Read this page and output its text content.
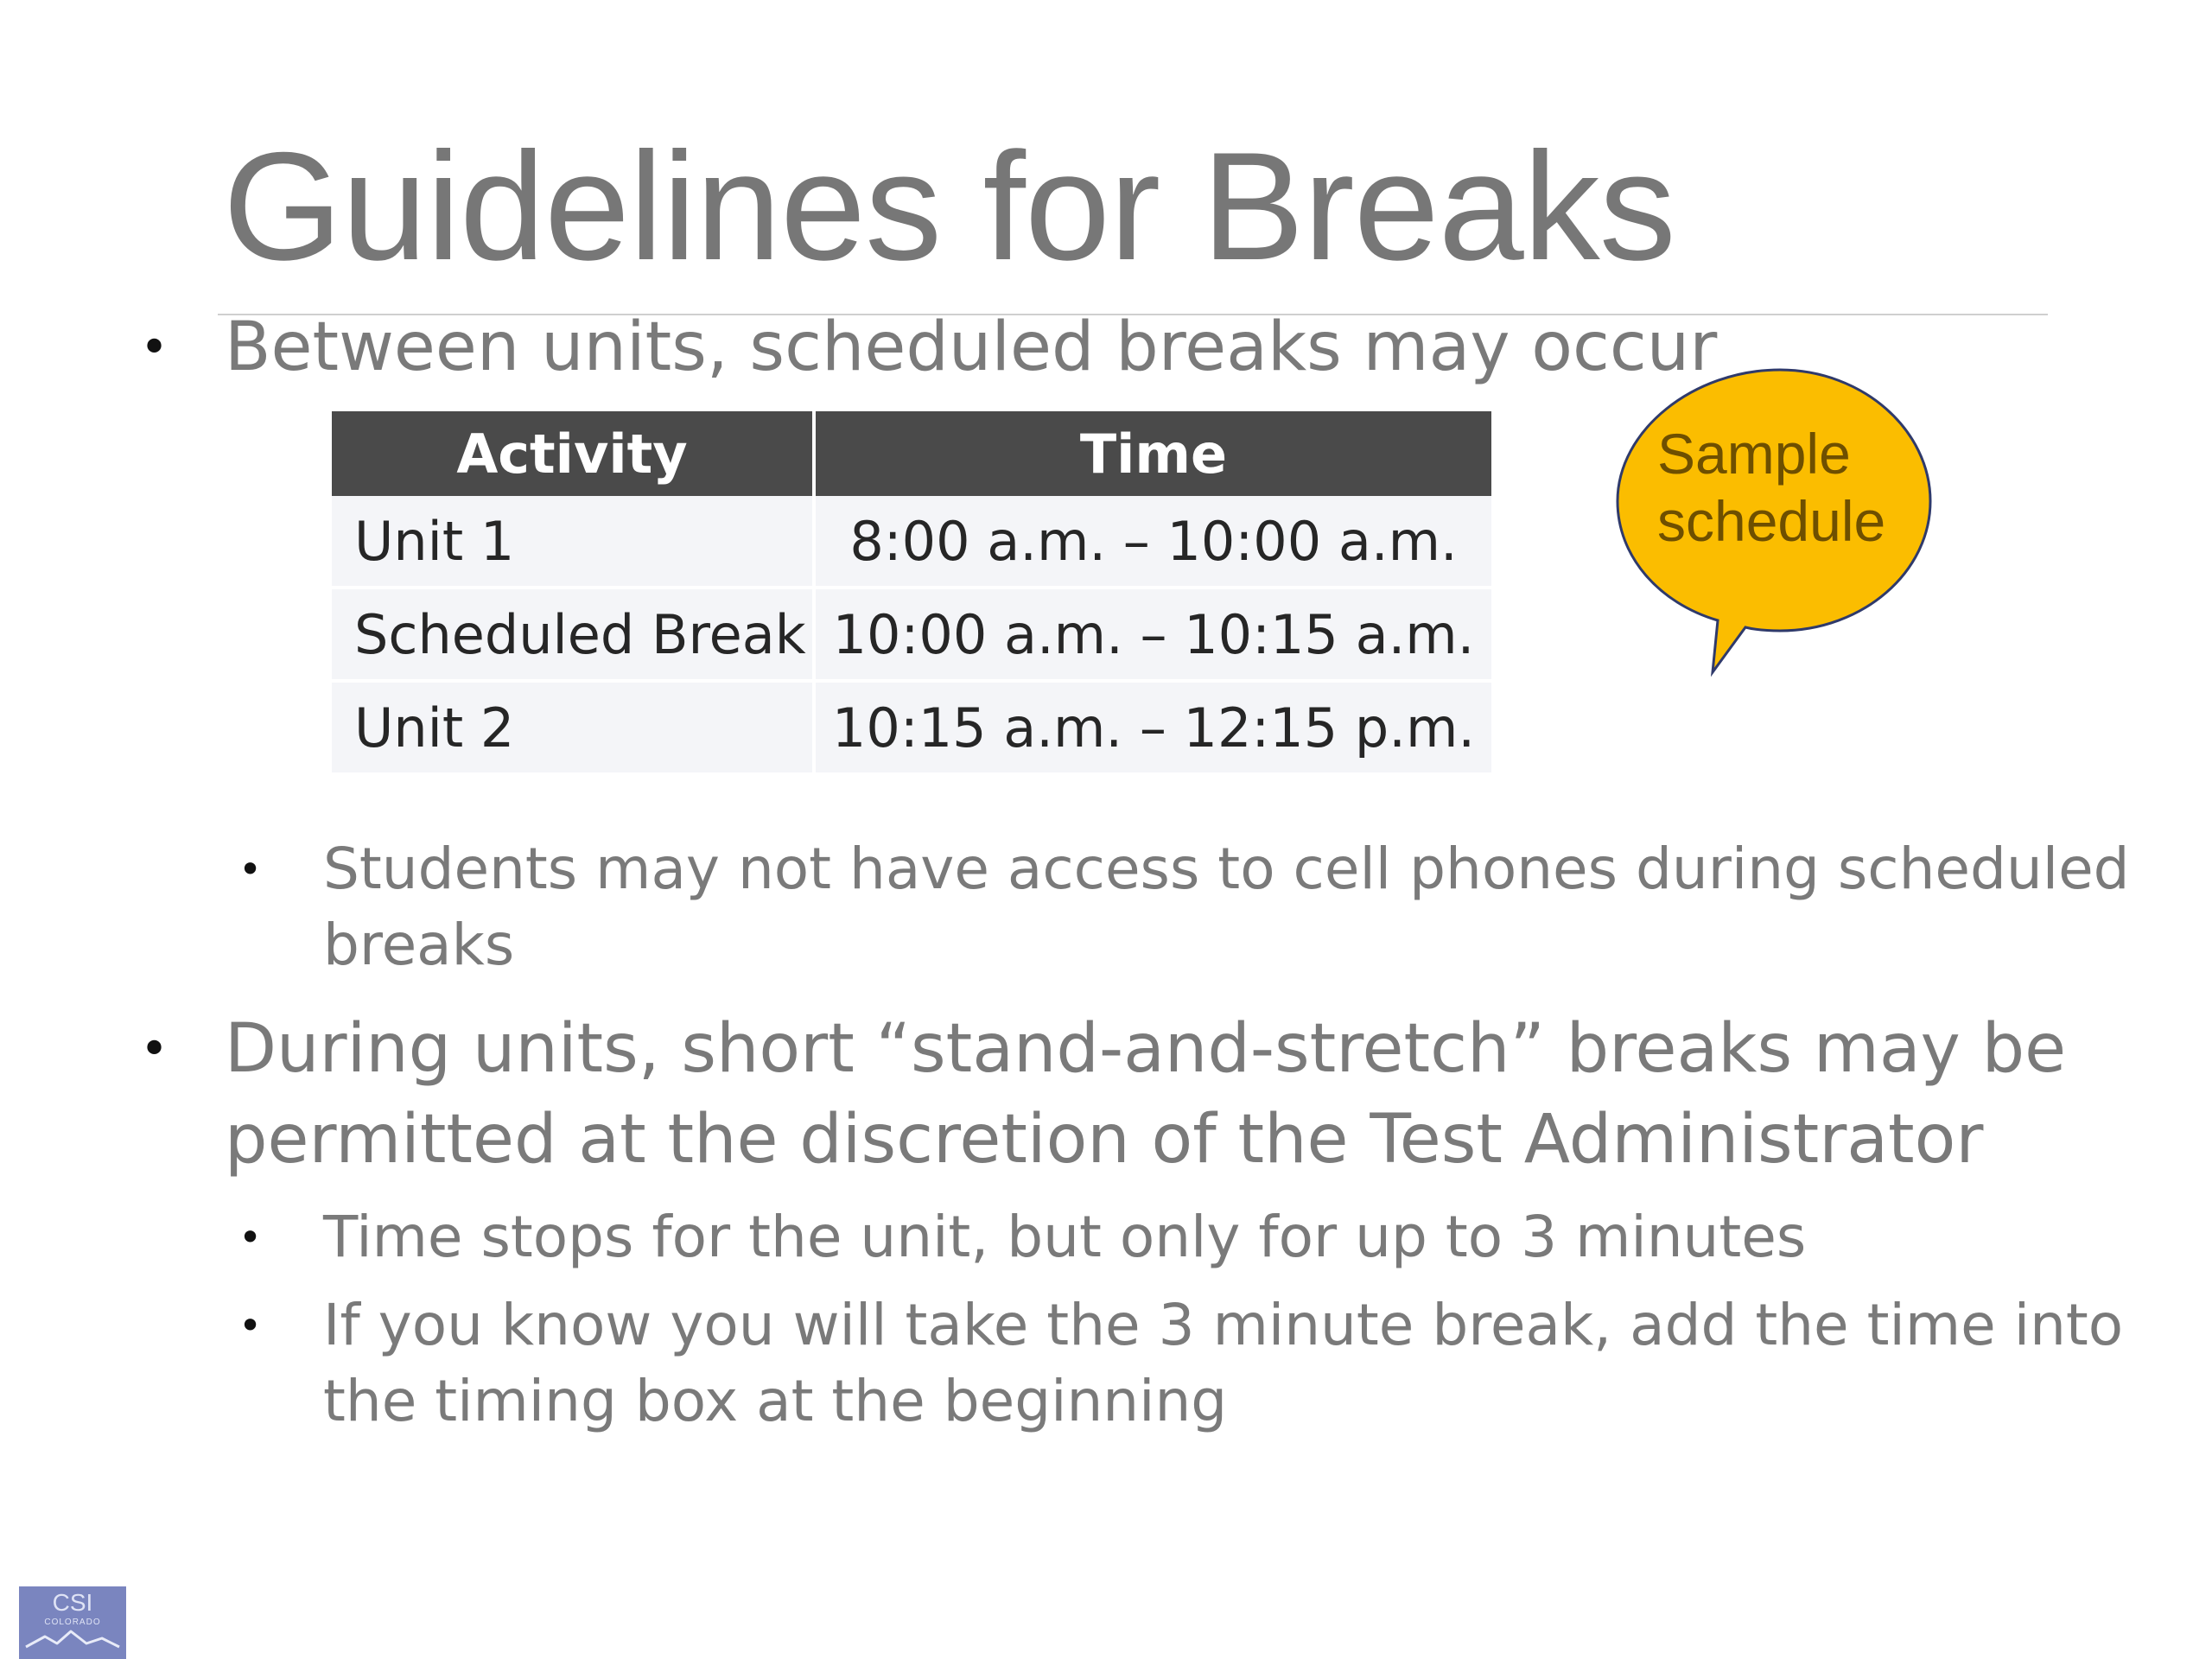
Guidelines for Breaks
• Between units, scheduled breaks may occur
Activity	Time
Unit 1	8:00 a.m. – 10:00 a.m.
Scheduled Break	10:00 a.m. – 10:15 a.m.
Unit 2	10:15 a.m. – 12:15 p.m.
Sample schedule
•	Students may not have access to cell phones during scheduled breaks
• During units, short “stand-and-stretch” breaks may be permitted at the discretion of the Test Administrator
•	Time stops for the unit, but only for up to 3 minutes
•	If you know you will take the 3 minute break, add the time into the timing box at the beginning
CSI
COLORADO
